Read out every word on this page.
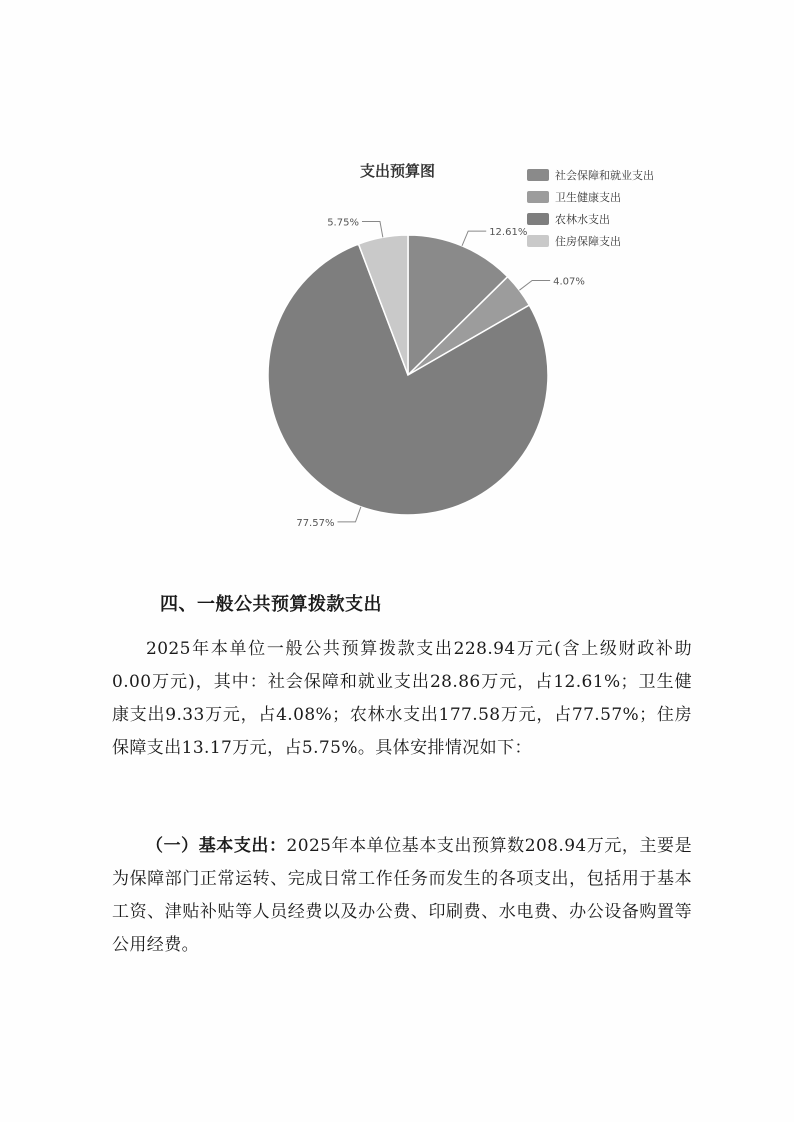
12.61%
4.07%
77.57%
5.75%
支出预算图	社会保障和就业支出
卫生健康支出
农林水支出
住房保障支出
四、一般公共预算拨款支出
2025年本单位一般公共预算拨款支出228.94万元(含上级财政补助0.00万元)，其中：社会保障和就业支出28.86万元，占12.61%；卫生健康支出9.33万元，占4.08%；农林水支出177.58万元，占77.57%；住房保障支出13.17万元，占5.75%。具体安排情况如下：
（一）基本支出：2025年本单位基本支出预算数208.94万元，主要是为保障部门正常运转、完成日常工作任务而发生的各项支出，包括用于基本工资、津贴补贴等人员经费以及办公费、印刷费、水电费、办公设备购置等公用经费。
